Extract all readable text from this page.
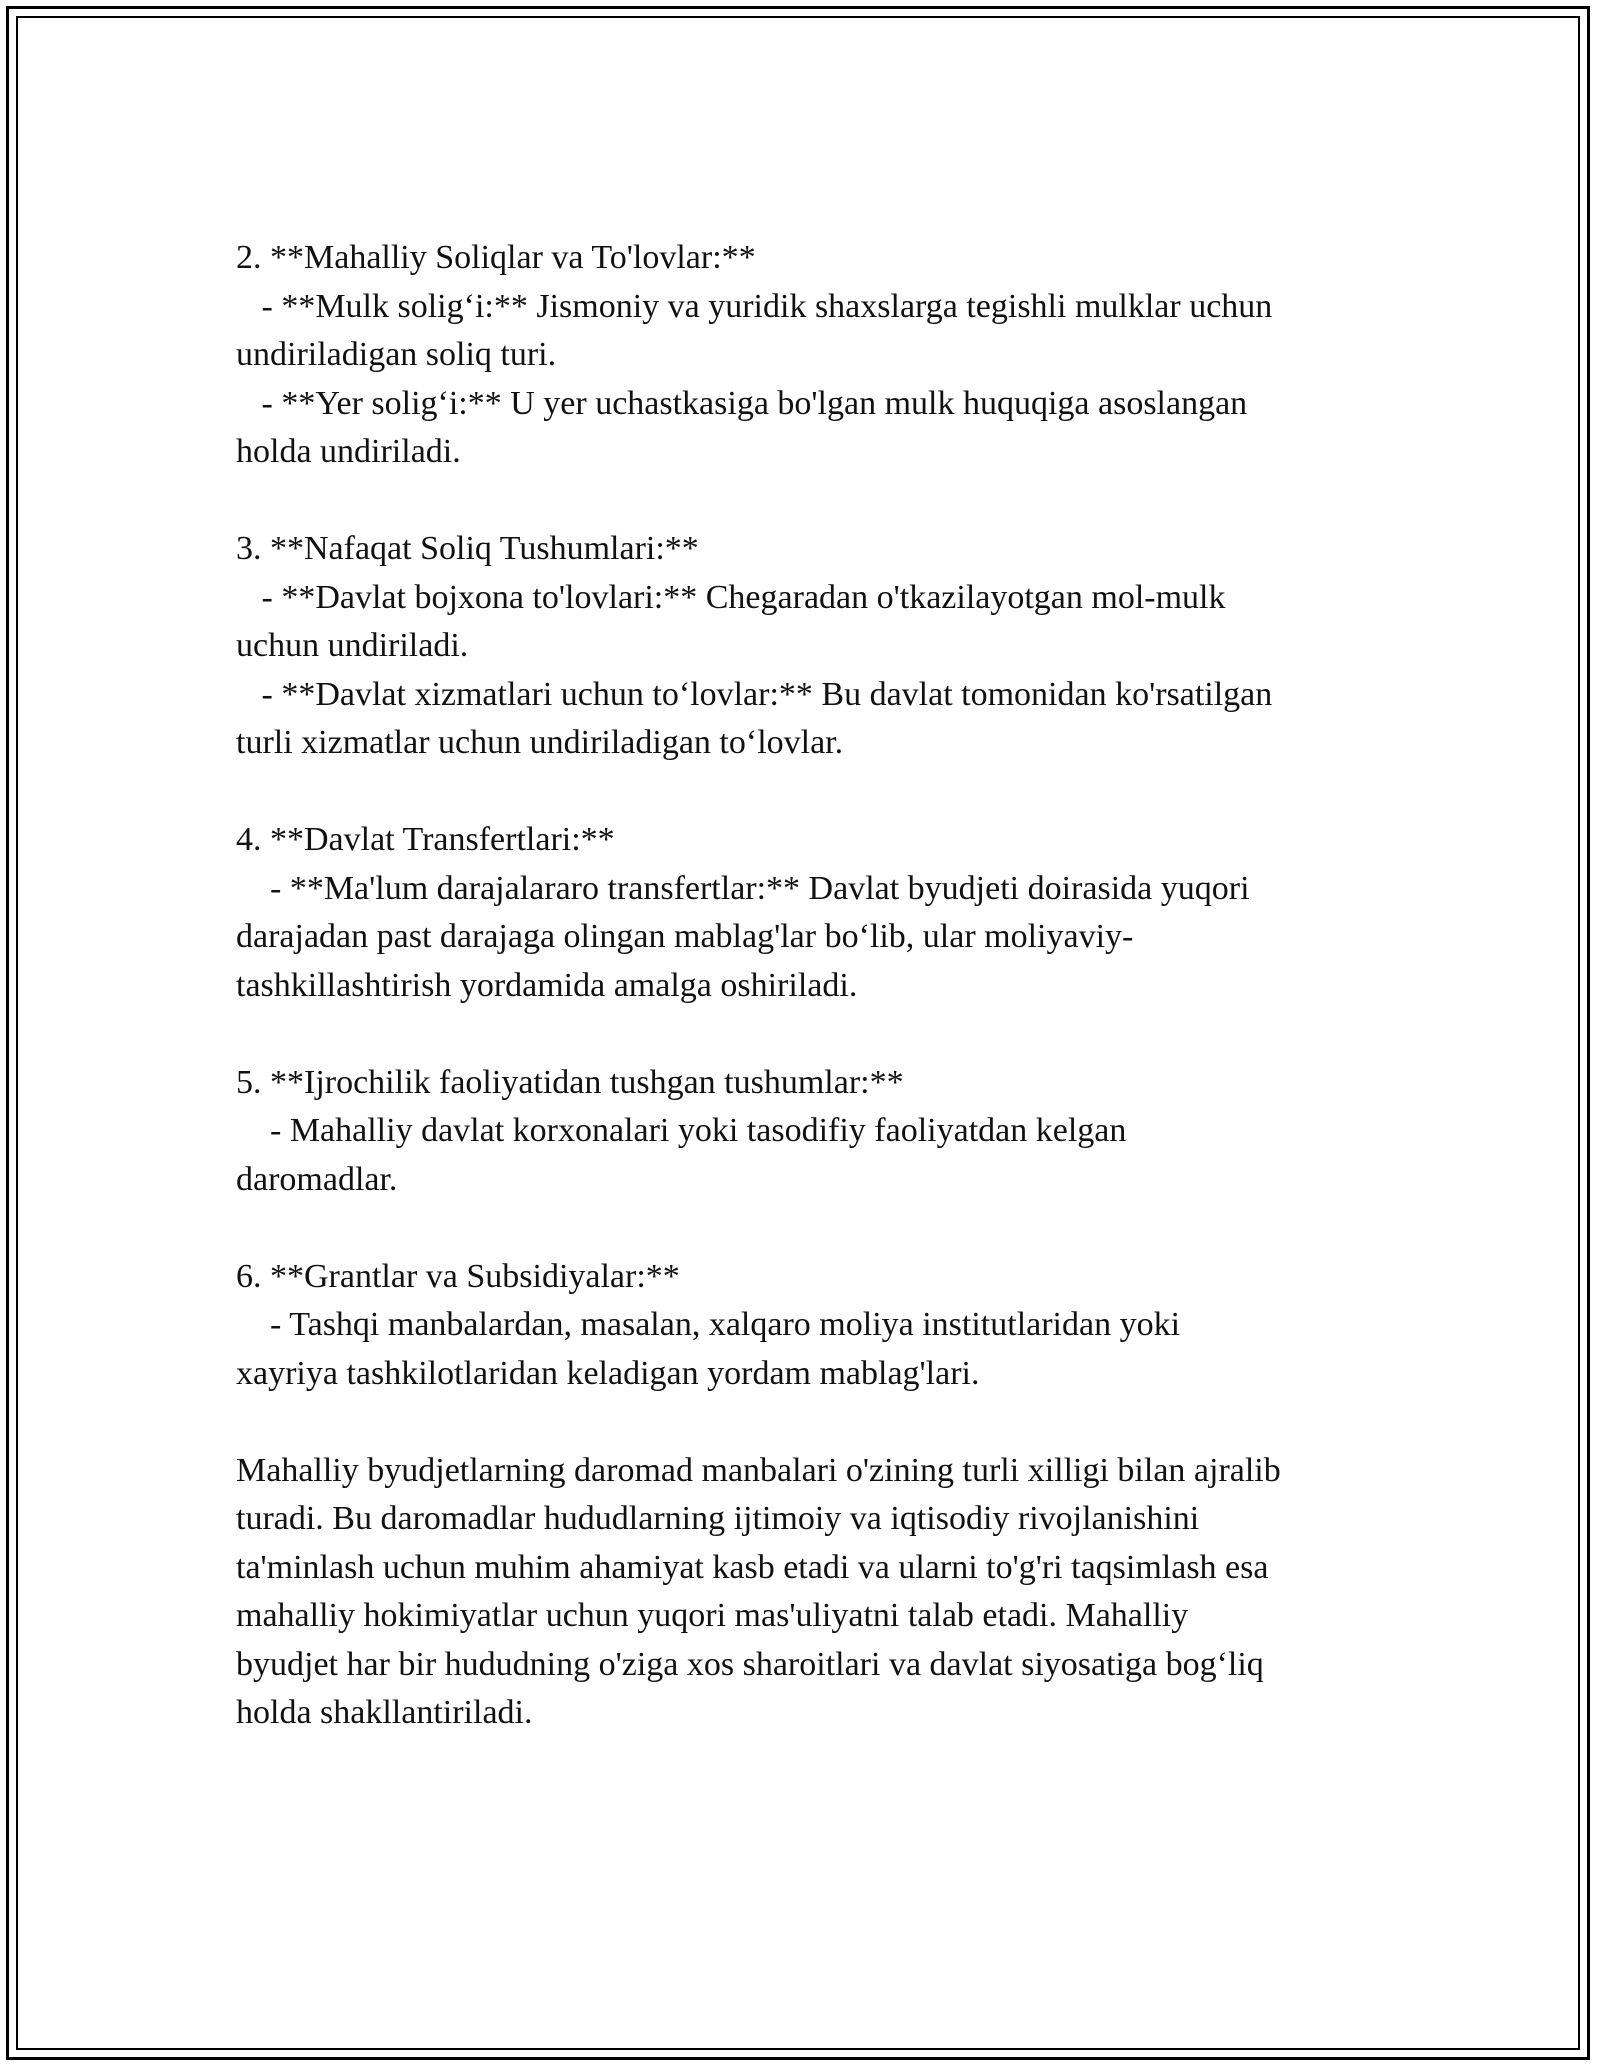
2. **Mahalliy Soliqlar va To'lovlar:**
- **Mulk solig‘i:** Jismoniy va yuridik shaxslarga tegishli mulklar uchun
undiriladigan soliq turi.
- **Yer solig‘i:** U yer uchastkasiga bo'lgan mulk huquqiga asoslangan
holda undiriladi.
3. **Nafaqat Soliq Tushumlari:**
- **Davlat bojxona to'lovlari:** Chegaradan o'tkazilayotgan mol-mulk
uchun undiriladi.
- **Davlat xizmatlari uchun to‘lovlar:** Bu davlat tomonidan ko'rsatilgan
turli xizmatlar uchun undiriladigan to‘lovlar.
4. **Davlat Transfertlari:**
- **Ma'lum darajalararo transfertlar:** Davlat byudjeti doirasida yuqori
darajadan past darajaga olingan mablag'lar bo‘lib, ular moliyaviy-
tashkillashtirish yordamida amalga oshiriladi.
5. **Ijrochilik faoliyatidan tushgan tushumlar:**
- Mahalliy davlat korxonalari yoki tasodifiy faoliyatdan kelgan
daromadlar.
6. **Grantlar va Subsidiyalar:**
- Tashqi manbalardan, masalan, xalqaro moliya institutlaridan yoki
xayriya tashkilotlaridan keladigan yordam mablag'lari.
Mahalliy byudjetlarning daromad manbalari o'zining turli xilligi bilan ajralib
turadi. Bu daromadlar hududlarning ijtimoiy va iqtisodiy rivojlanishini
ta'minlash uchun muhim ahamiyat kasb etadi va ularni to'g'ri taqsimlash esa
mahalliy hokimiyatlar uchun yuqori mas'uliyatni talab etadi. Mahalliy
byudjet har bir hududning o'ziga xos sharoitlari va davlat siyosatiga bog‘liq
holda shakllantiriladi.
